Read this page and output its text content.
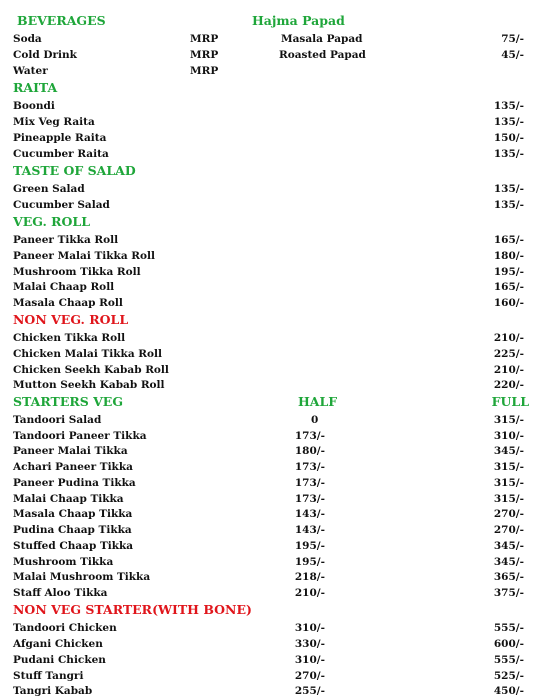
BEVERAGES	Hajma Papad
Soda	MRP	Masala Papad	75/-
Cold Drink	MRP	Roasted Papad	45/-
Water	MRP
RAITA
Boondi	135/-
Mix Veg Raita	135/-
Pineapple Raita	150/-
Cucumber Raita	135/-
TASTE OF SALAD
Green Salad	135/-
Cucumber Salad	135/-
VEG. ROLL
Paneer Tikka Roll	165/-
Paneer Malai Tikka Roll	180/-
Mushroom Tikka Roll	195/-
Malai Chaap Roll	165/-
Masala Chaap Roll	160/-
NON VEG. ROLL
Chicken Tikka Roll	210/-
Chicken Malai Tikka Roll	225/-
Chicken Seekh Kabab Roll	210/-
Mutton Seekh Kabab Roll	220/-
STARTERS VEG	HALF	FULL
Tandoori Salad	0	315/-
Tandoori Paneer Tikka	173/-	310/-
Paneer Malai Tikka	180/-	345/-
Achari Paneer Tikka	173/-	315/-
Paneer Pudina Tikka	173/-	315/-
Malai Chaap Tikka	173/-	315/-
Masala Chaap Tikka	143/-	270/-
Pudina Chaap Tikka	143/-	270/-
Stuffed Chaap Tikka	195/-	345/-
Mushroom Tikka	195/-	345/-
Malai Mushroom Tikka	218/-	365/-
Staff Aloo Tikka	210/-	375/-
NON VEG STARTER(WITH BONE)
Tandoori Chicken	310/-	555/-
Afgani Chicken	330/-	600/-
Pudani Chicken	310/-	555/-
Stuff Tangri	270/-	525/-
Tangri Kabab	255/-	450/-
